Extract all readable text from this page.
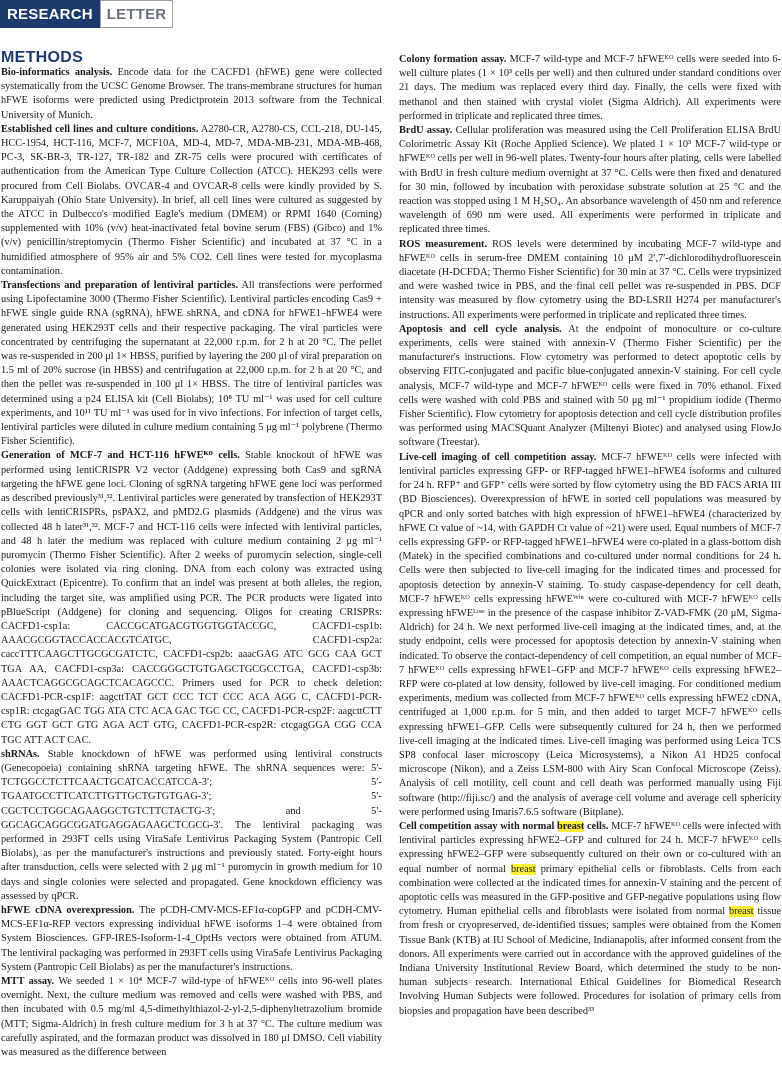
RESEARCH LETTER
METHODS

Bio-informatics analysis. Encode data for the CACFD1 (hFWE) gene were collected systematically from the UCSC Genome Browser. The trans-membrane structures for human hFWE isoforms were predicted using Predictprotein 2013 software from the Technical University of Munich.

Established cell lines and culture conditions. A2780-CR, A2780-CS, CCL-218, DU-145, HCC-1954, HCT-116, MCF-7, MCF10A, MD-4, MD-7, MDA-MB-231, MDA-MB-468, PC-3, SK-BR-3, TR-127, TR-182 and ZR-75 cells were procured with certificates of authentication from the American Type Culture Collection (ATCC). HEK293 cells were procured from Cell Biolabs. OVCAR-4 and OVCAR-8 cells were kindly provided by S. Karuppaiyah (Ohio State University). In brief, all cell lines were cultured as suggested by the ATCC in Dulbecco's modified Eagle's medium (DMEM) or RPMI 1640 (Corning) supplemented with 10% (v/v) heat-inactivated fetal bovine serum (FBS) (Gibco) and 1% (v/v) penicillin/streptomycin (Thermo Fisher Scientific) and incubated at 37 °C in a humidified atmosphere of 95% air and 5% CO2. Cell lines were tested for mycoplasma contamination.

Transfections and preparation of lentiviral particles. All transfections were performed using Lipofectamine 3000 (Thermo Fisher Scientific). Lentiviral particles encoding Cas9 + hFWE single guide RNA (sgRNA), hFWE shRNA, and cDNA for hFWE1–hFWE4 were generated using HEK293T cells and their respective packaging. The viral particles were concentrated by centrifuging the supernatant at 22,000 r.p.m. for 2 h at 20 °C. The pellet was re-suspended in 200 μl 1× HBSS, purified by layering the 200 μl of viral preparation on 1.5 ml of 20% sucrose (in HBSS) and centrifugation at 22,000 r.p.m. for 2 h at 20 °C, and then the pellet was re-suspended in 100 μl 1× HBSS. The titre of lentiviral particles was determined using a p24 ELISA kit (Cell Biolabs); 10⁸ TU ml⁻¹ was used for cell culture experiments, and 10¹¹ TU ml⁻¹ was used for in vivo infections. For infection of target cells, lentiviral particles were diluted in culture medium containing 5 μg ml⁻¹ polybrene (Thermo Fisher Scientific).

Generation of MCF-7 and HCT-116 hFWEᴷᴼ cells. Stable knockout of hFWE was performed using lentiCRISPR V2 vector (Addgene) expressing both Cas9 and sgRNA targeting the hFWE gene loci. Cloning of sgRNA targeting hFWE gene loci was performed as described previously³¹,³². Lentiviral particles were generated by transfection of HEK293T cells with lentiCRISPRs, psPAX2, and pMD2.G plasmids (Addgene) and the virus was collected 48 h later³¹,³². MCF-7 and HCT-116 cells were infected with lentiviral particles, and 48 h later the medium was replaced with culture medium containing 2 μg ml⁻¹ puromycin (Thermo Fisher Scientific). After 2 weeks of puromycin selection, single-cell colonies were isolated via ring cloning. DNA from each colony was extracted using QuickExtract (Epicentre). To confirm that an indel was present at both alleles, the region, including the target site, was amplified using PCR. The PCR products were ligated into pBlueScript (Addgene) for cloning and sequencing. Oligos for creating CRISPRs: CACFD1-csp1a: CACCGCATGACGTGGTGGTACCGC, CACFD1-csp1b: AAACGCGGTACCACCACGTCATGC, CACFD1-csp2a: caccTTTCAAGCTTGCGCGATCTC, CACFD1-csp2b: aaacGAG ATC GCG CAA GCT TGA AA, CACFD1-csp3a: CACCGGGCTGTGAGCTGCGCCTGA, CACFD1-csp3b: AAACTCAGGCGCAGCTCACAGCCC. Primers used for PCR to check deletion: CACFD1-PCR-csp1F: aagcttTAT GCT CCC TCT CCC ACA AGG C, CACFD1-PCR-csp1R: ctcgagGAC TGG ATA CTC ACA GAC TGC CC, CACFD1-PCR-csp2F: aagcttCTT CTG GGT GCT GTG AGA ACT GTG, CACFD1-PCR-csp2R: ctcgagGGA CGG CCA TGC ATT ACT CAC.

shRNAs. Stable knockdown of hFWE was performed using lentiviral constructs (Genecopoeia) containing shRNA targeting hFWE. The shRNA sequences were: 5′-TCTGGCCTCTTCAACTGCATCACCATCCA-3′; 5′-TGAATGCCTTCATCTTGTTGCTGTGTGAG-3′; 5′-CGCTCCTGGCAGAAGGCTGTCTTCTACTG-3′; and 5′-GGCAGCAGGCGGATGAGGAGAAGCTCGCG-3′. The lentiviral packaging was performed in 293FT cells using ViraSafe Lentivirus Packaging System (Pantropic Cell Biolabs), as per the manufacturer's instructions and previously stated. Forty-eight hours after transduction, cells were selected with 2 μg ml⁻¹ puromycin in growth medium for 10 days and single colonies were selected and propagated. Gene knockdown efficiency was assessed by qPCR.

hFWE cDNA overexpression. The pCDH-CMV-MCS-EF1α-copGFP and pCDH-CMV-MCS-EF1α-RFP vectors expressing individual hFWE isoforms 1–4 were obtained from System Biosciences. GFP-IRES-Isoform-1-4_OptHs vectors were obtained from ATUM. The lentiviral packaging was performed in 293FT cells using ViraSafe Lentivirus Packaging System (Pantropic Cell Biolabs) as per the manufacturer's instructions.

MTT assay. We seeded 1 × 10⁴ MCF-7 wild-type of hFWEᴷᴼ cells into 96-well plates overnight. Next, the culture medium was removed and cells were washed with PBS, and then incubated with 0.5 mg/ml 4,5-dimethylthiazol-2-yl-2,5-diphenyltetrazolium bromide (MTT; Sigma-Aldrich) in fresh culture medium for 3 h at 37 °C. The culture medium was carefully aspirated, and the formazan product was dissolved in 180 μl DMSO. Cell viability was measured as the difference between

Colony formation assay. MCF-7 wild-type and MCF-7 hFWEᴷᴼ cells were seeded into 6-well culture plates (1 × 10³ cells per well) and then cultured under standard conditions over 21 days. The medium was replaced every third day. Finally, the cells were fixed with methanol and then stained with crystal violet (Sigma Aldrich). All experiments were performed in triplicate and replicated three times.

BrdU assay. Cellular proliferation was measured using the Cell Proliferation ELISA BrdU Colorimetric Assay Kit (Roche Applied Science). We plated 1 × 10³ MCF-7 wild-type or hFWEᴷᴼ cells per well in 96-well plates. Twenty-four hours after plating, cells were labelled with BrdU in fresh culture medium overnight at 37 °C. Cells were then fixed and denatured for 30 min, followed by incubation with peroxidase substrate solution at 25 °C and the reaction was stopped using 1 M H₂SO₄. An absorbance wavelength of 450 nm and reference wavelength of 690 nm were used. All experiments were performed in triplicate and replicated three times.

ROS measurement. ROS levels were determined by incubating MCF-7 wild-type and hFWEᴷᴼ cells in serum-free DMEM containing 10 μM 2′,7′-dichlorodihydrofluorescein diacetate (H-DCFDA; Thermo Fisher Scientific) for 30 min at 37 °C. Cells were trypsinized and were washed twice in PBS, and the final cell pellet was re-suspended in PBS. DCF intensity was measured by flow cytometry using the BD-LSRII H274 per manufacturer's instructions. All experiments were performed in triplicate and replicated three times.

Apoptosis and cell cycle analysis. At the endpoint of monoculture or co-culture experiments, cells were stained with annexin-V (Thermo Fisher Scientific) per the manufacturer's instructions. Flow cytometry was performed to detect apoptotic cells by observing FITC-conjugated and pacific blue-conjugated annexin-V staining. For cell cycle analysis, MCF-7 wild-type and MCF-7 hFWEᴷᴼ cells were fixed in 70% ethanol. Fixed cells were washed with cold PBS and stained with 50 μg ml⁻¹ propidium iodide (Thermo Fisher Scientific). Flow cytometry for apoptosis detection and cell cycle distribution profiles was performed using MACSQuant Analyzer (Miltenyi Biotec) and analysed using FlowJo software (Treestar).

Live-cell imaging of cell competition assay. MCF-7 hFWEᴷᴼ cells were infected with lentiviral particles expressing GFP- or RFP-tagged hFWE1–hFWE4 isoforms and cultured for 24 h. RFP⁺ and GFP⁺ cells were sorted by flow cytometry using the BD FACS ARIA III (BD Biosciences). Overexpression of hFWE in sorted cell populations was measured by qPCR and only sorted batches with high expression of hFWE1–hFWE4 (characterized by hFWE Ct value of ~14, with GAPDH Ct value of ~21) were used. Equal numbers of MCF-7 cells expressing GFP- or RFP-tagged hFWE1–hFWE4 were co-plated in a glass-bottom dish (Matek) in the specified combinations and co-cultured under normal conditions for 24 h. Cells were then subjected to live-cell imaging for the indicated times and processed for apoptosis detection by annexin-V staining. To study caspase-dependency for cell death, MCF-7 hFWEᴷᴼ cells expressing hFWEᵂⁱⁿ were co-cultured with MCF-7 hFWEᴷᴼ cells expressing hFWEᴸᵒˢᵉ in the presence of the caspase inhibitor Z-VAD-FMK (20 μM, Sigma-Aldrich) for 24 h. We next performed live-cell imaging at the indicated times, and, at the study endpoint, cells were processed for apoptosis detection by annexin-V staining when indicated. To observe the contact-dependency of cell competition, an equal number of MCF-7 hFWEᴷᴼ cells expressing hFWE1–GFP and MCF-7 hFWEᴷᴼ cells expressing hFWE2–RFP were co-plated at low density, followed by live-cell imaging. For conditioned medium experiments, medium was collected from MCF-7 hFWEᴷᴼ cells expressing hFWE2 cDNA, centrifuged at 1,000 r.p.m. for 5 min, and then added to target MCF-7 hFWEᴷᴼ cells expressing hFWE1–GFP. Cells were subsequently cultured for 24 h, then we performed live-cell imaging at the indicated times. Live-cell imaging was performed using Leica TCS SP8 confocal laser microscopy (Leica Microsystems), a Nikon A1 HD25 confocal microscope (Nikon), and a Zeiss LSM-800 with Airy Scan Confocal Microscope (Zeiss). Analysis of cell motility, cell count and cell death was performed manually using Fiji software (http://fiji.sc/) and the analysis of average cell volume and average cell sphericity were performed using Imaris7.6.5 software (Bitplane).

Cell competition assay with normal breast cells. MCF-7 hFWEᴷᴼ cells were infected with lentiviral particles expressing hFWE2–GFP and cultured for 24 h. MCF-7 hFWEᴷᴼ cells expressing hFWE2–GFP were subsequently cultured on their own or co-cultured with an equal number of normal breast primary epithelial cells or fibroblasts. Cells from each combination were collected at the indicated times for annexin-V staining and the percent of apoptotic cells was measured in the GFP-positive and GFP-negative populations using flow cytometry. Human epithelial cells and fibroblasts were isolated from normal breast tissue from fresh or cryopreserved, de-identified tissues; samples were obtained from the Komen Tissue Bank (KTB) at IU School of Medicine, Indianapolis, after informed consent from the donors. All experiments were carried out in accordance with the approved guidelines of the Indiana University Institutional Review Board, which determined the study to be non-human subjects research. International Ethical Guidelines for Biomedical Research Involving Human Subjects were followed. Procedures for isolation of primary cells from biopsies and propagation have been described³³
